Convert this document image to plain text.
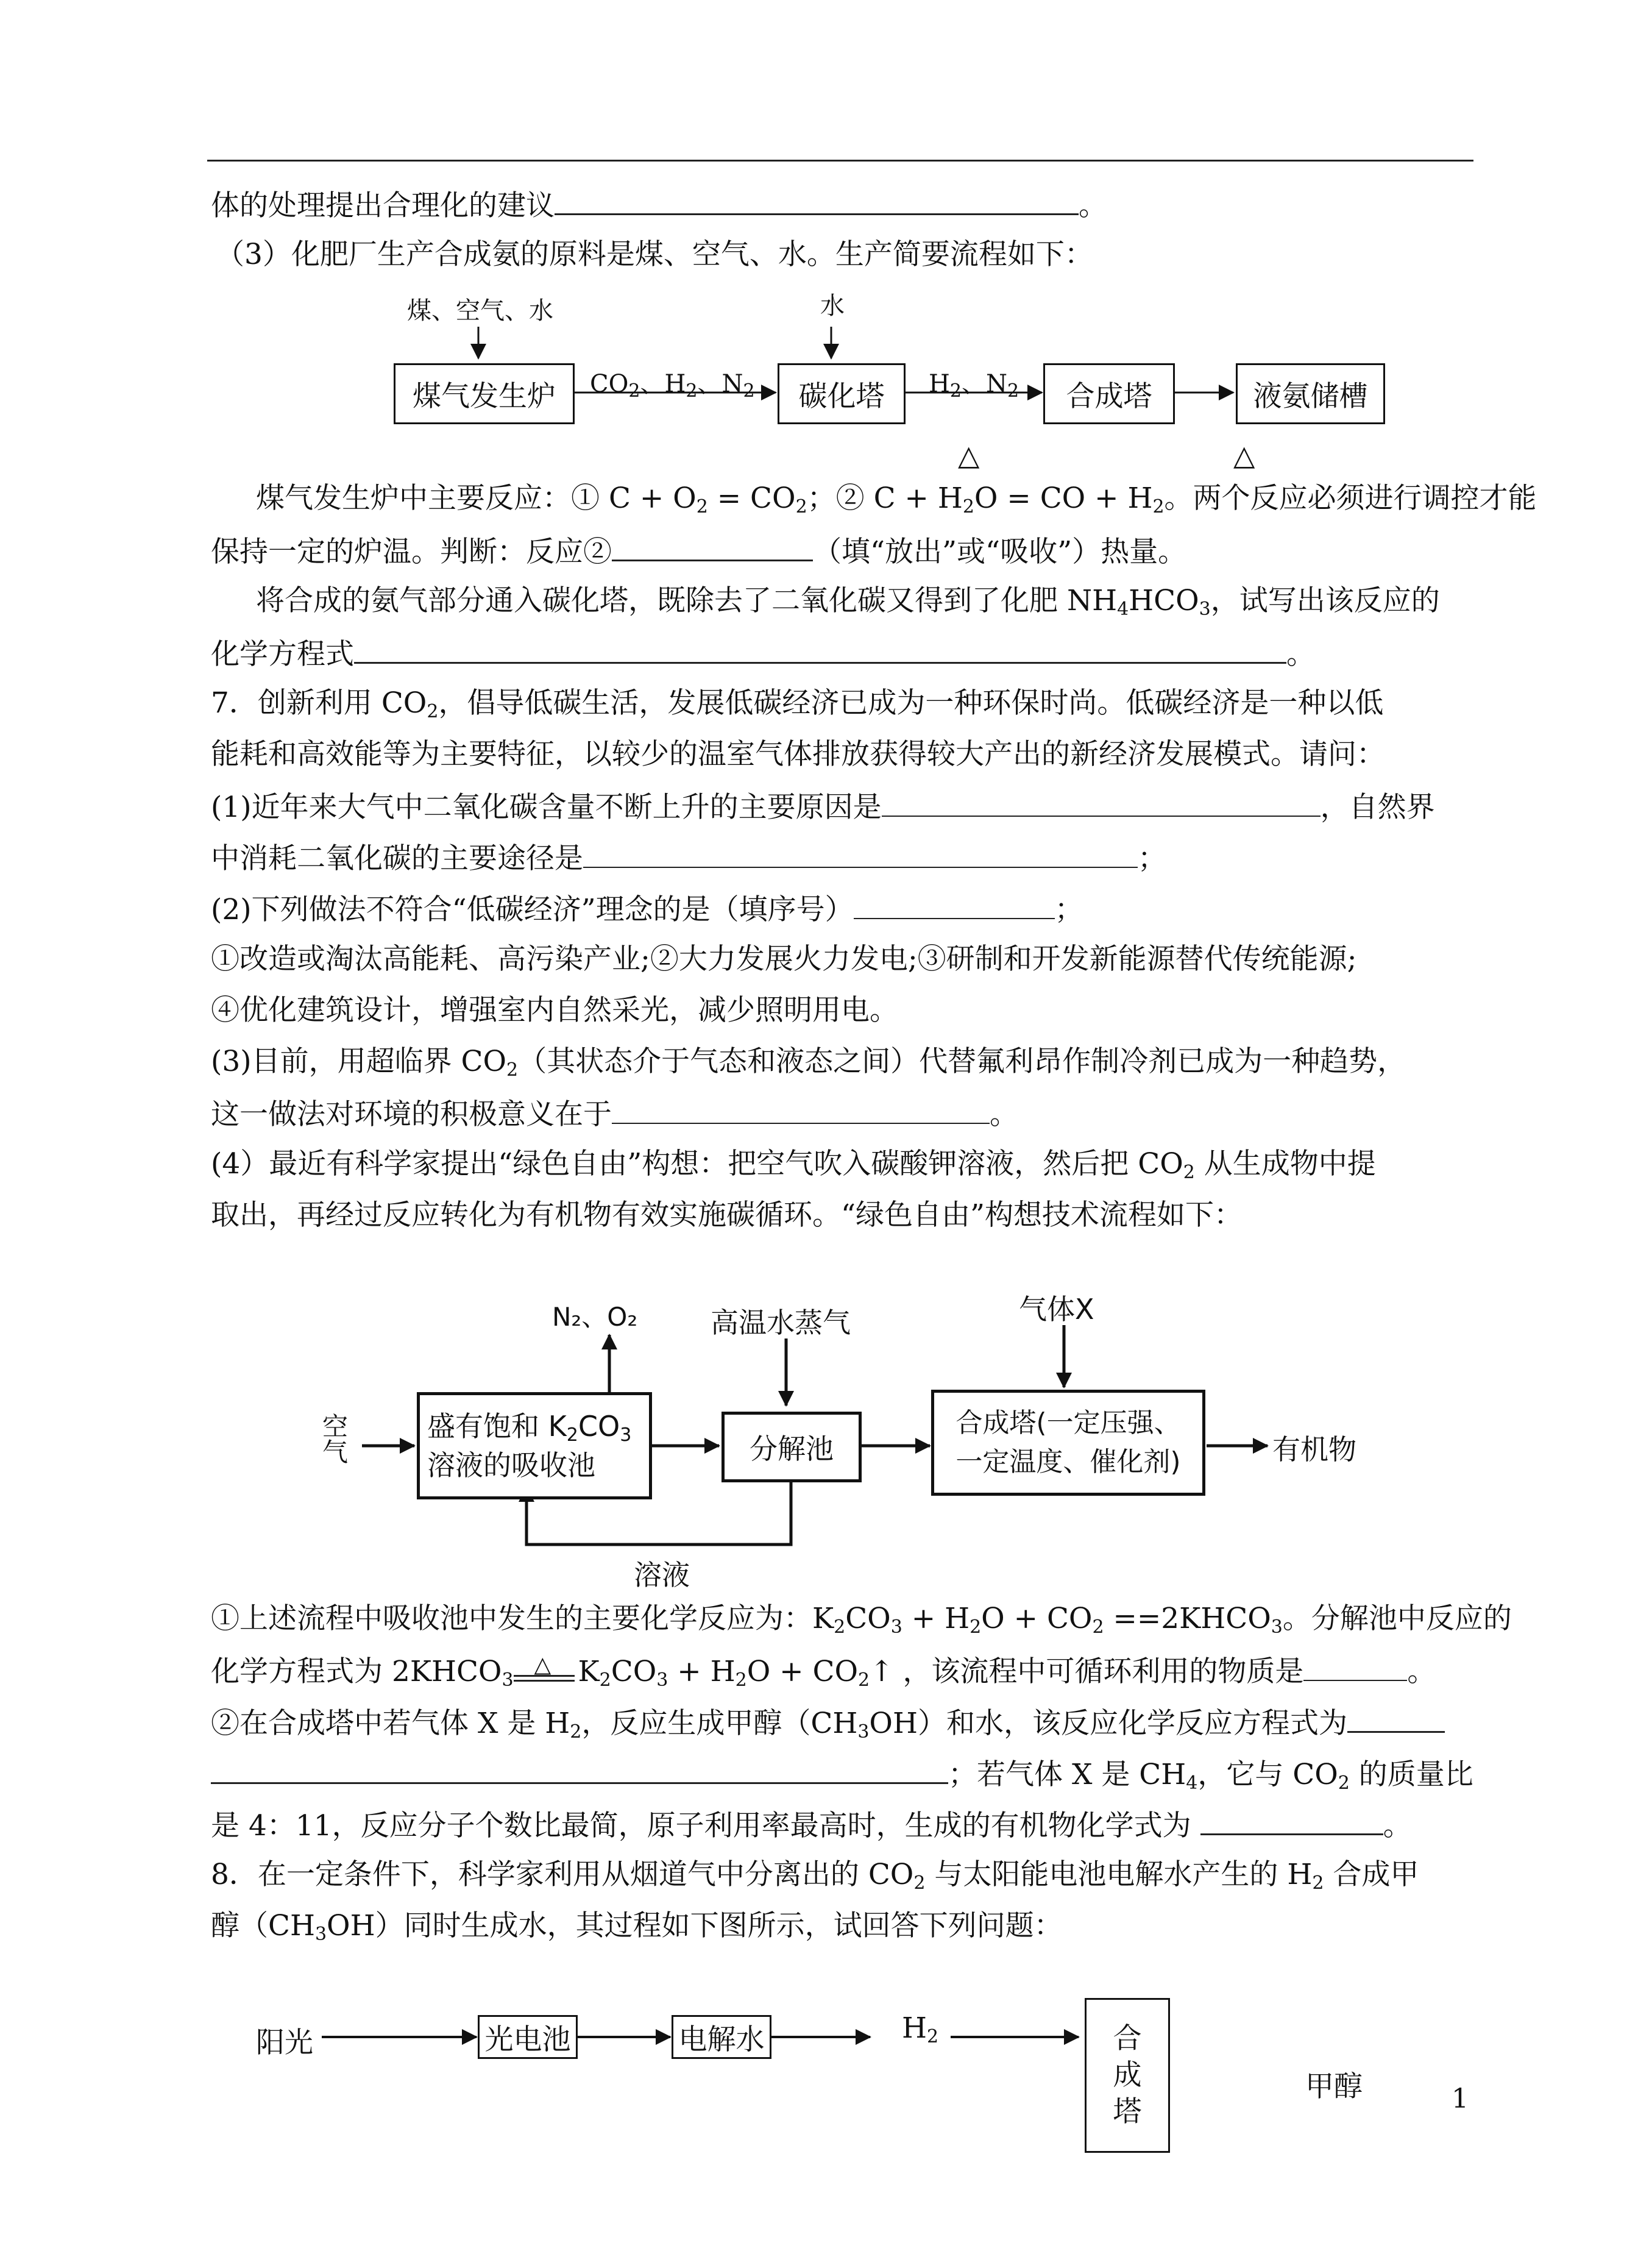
体的处理提出合理化的建议	。
（3）化肥厂生产合成氨的原料是煤、空气、水。生产简要流程如下：
煤、空气、水	水
煤气发生炉	碳化塔	合成塔	液氨储槽
$CO_2$、$H_2$、$N_2$	$H_2$、$N_2$
△	△
煤气发生炉中主要反应：① $C + O_2 = CO_2$；② $C + H_2O$ = CO + $H_2$。两个反应必须进行调控才能
保持一定的炉温。判断：反应②	（填“放出”或“吸收”）热量。
将合成的氨气部分通入碳化塔，既除去了二氧化碳又得到了化肥 $NH_4HCO_3$，试写出该反应的
化学方程式	。
7．创新利用 $CO_2$，倡导低碳生活，发展低碳经济已成为一种环保时尚。低碳经济是一种以低
能耗和高效能等为主要特征，以较少的温室气体排放获得较大产出的新经济发展模式。请问：
(1)近年来大气中二氧化碳含量不断上升的主要原因是	，自然界
中消耗二氧化碳的主要途径是	；
(2)下列做法不符合“低碳经济”理念的是（填序号）	；
①改造或淘汰高能耗、高污染产业;②大力发展火力发电;③研制和开发新能源替代传统能源;
④优化建筑设计，增强室内自然采光，减少照明用电。
(3)目前，用超临界 $CO_2$（其状态介于气态和液态之间）代替氟利昂作制冷剂已成为一种趋势，
这一做法对环境的积极意义在于	。
(4）最近有科学家提出“绿色自由”构想：把空气吹入碳酸钾溶液，然后把 $CO_2$ 从生成物中提
取出，再经过反应转化为有机物有效实施碳循环。“绿色自由”构想技术流程如下：
空气
N₂、O₂	高温水蒸气	气体X
盛有饱和 $K_2CO_3$
溶液的吸收池	分解池
合成塔(一定压强、
一定温度、催化剂)	有机物
溶液
①上述流程中吸收池中发生的主要化学反应为：$K_2CO_3 + H_2O + CO_2$ $==2KHCO_3$。分解池中反应的
化学方程式为 $2KHCO_3$
△ $K_2CO_3 + H_2O$ + $CO_2↑$ ，该流程中可循环利用的物质是	。
②在合成塔中若气体 X 是 $H_2$，反应生成甲醇$(CH_3OH)$和水，该反应化学反应方程式为
；若气体 X 是 $CH_4$，它与 $CO_2$ 的质量比
是 4：11，反应分子个数比最简，原子利用率最高时，生成的有机物化学式为	。
8．在一定条件下，科学家利用从烟道气中分离出的 $CO_2$ 与太阳能电池电解水产生的 $H_2$ 合成甲
醇$(CH_3OH)$同时生成水，其过程如下图所示，试回答下列问题：
阳光	光电池	电解水	$H_2$	合
成
塔
甲醇	1
